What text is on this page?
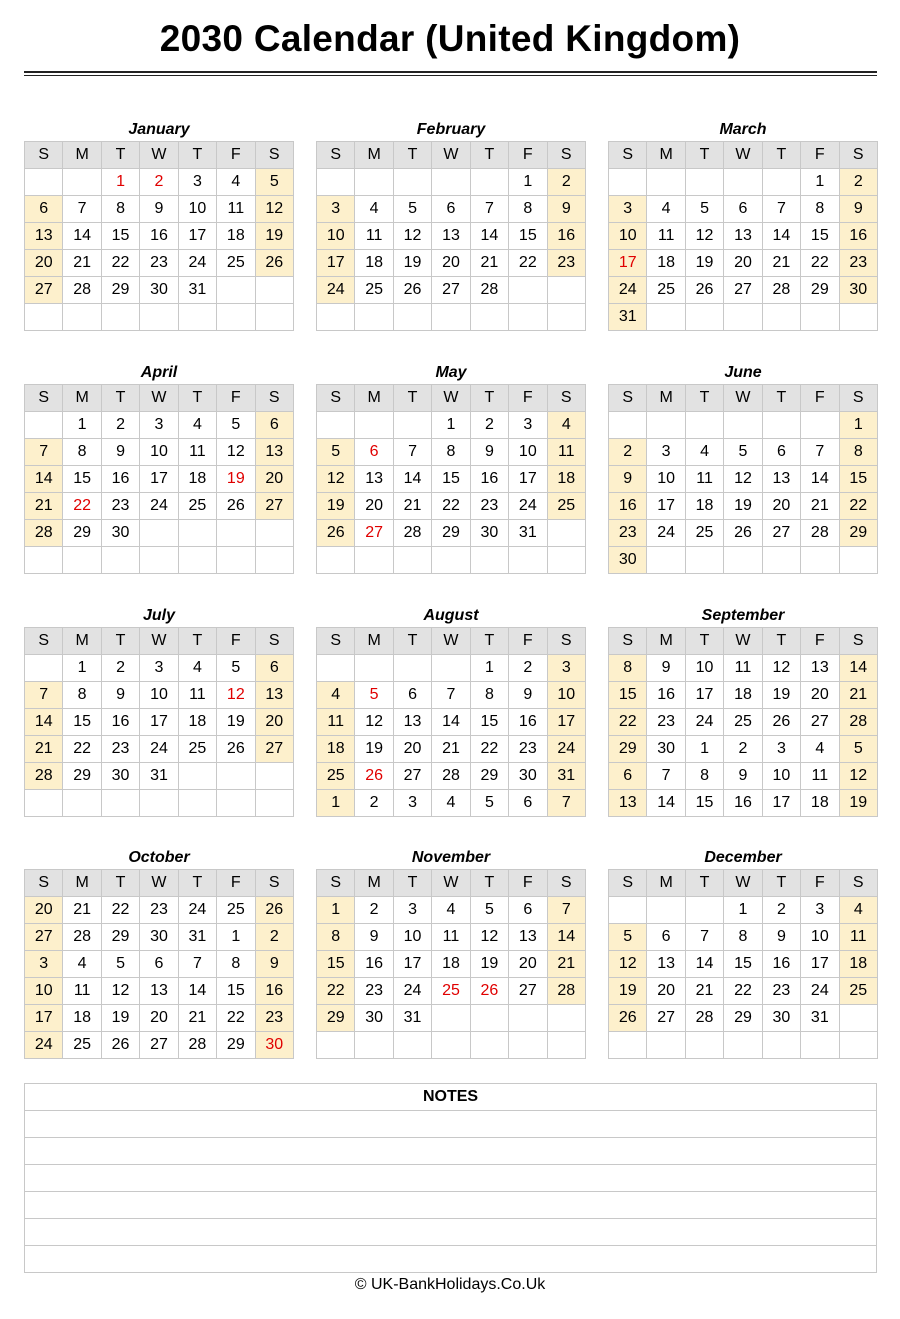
2030 Calendar (United Kingdom)
January
S	M	T	W	T	F	S
		1	2	3	4	5
6	7	8	9	10	11	12
13	14	15	16	17	18	19
20	21	22	23	24	25	26
27	28	29	30	31		

February
S	M	T	W	T	F	S
					1	2
3	4	5	6	7	8	9
10	11	12	13	14	15	16
17	18	19	20	21	22	23
24	25	26	27	28		

March
S	M	T	W	T	F	S
					1	2
3	4	5	6	7	8	9
10	11	12	13	14	15	16
17	18	19	20	21	22	23
24	25	26	27	28	29	30
31						
April
S	M	T	W	T	F	S
	1	2	3	4	5	6
7	8	9	10	11	12	13
14	15	16	17	18	19	20
21	22	23	24	25	26	27
28	29	30				

May
S	M	T	W	T	F	S
			1	2	3	4
5	6	7	8	9	10	11
12	13	14	15	16	17	18
19	20	21	22	23	24	25
26	27	28	29	30	31	

June
S	M	T	W	T	F	S
						1
2	3	4	5	6	7	8
9	10	11	12	13	14	15
16	17	18	19	20	21	22
23	24	25	26	27	28	29
30						
July
S	M	T	W	T	F	S
	1	2	3	4	5	6
7	8	9	10	11	12	13
14	15	16	17	18	19	20
21	22	23	24	25	26	27
28	29	30	31			

August
S	M	T	W	T	F	S
				1	2	3
4	5	6	7	8	9	10
11	12	13	14	15	16	17
18	19	20	21	22	23	24
25	26	27	28	29	30	31
1	2	3	4	5	6	7
September
S	M	T	W	T	F	S
8	9	10	11	12	13	14
15	16	17	18	19	20	21
22	23	24	25	26	27	28
29	30	1	2	3	4	5
6	7	8	9	10	11	12
13	14	15	16	17	18	19
October
S	M	T	W	T	F	S
20	21	22	23	24	25	26
27	28	29	30	31	1	2
3	4	5	6	7	8	9
10	11	12	13	14	15	16
17	18	19	20	21	22	23
24	25	26	27	28	29	30
November
S	M	T	W	T	F	S
1	2	3	4	5	6	7
8	9	10	11	12	13	14
15	16	17	18	19	20	21
22	23	24	25	26	27	28
29	30	31				

December
S	M	T	W	T	F	S
			1	2	3	4
5	6	7	8	9	10	11
12	13	14	15	16	17	18
19	20	21	22	23	24	25
26	27	28	29	30	31	

NOTES

© UK-BankHolidays.Co.Uk
